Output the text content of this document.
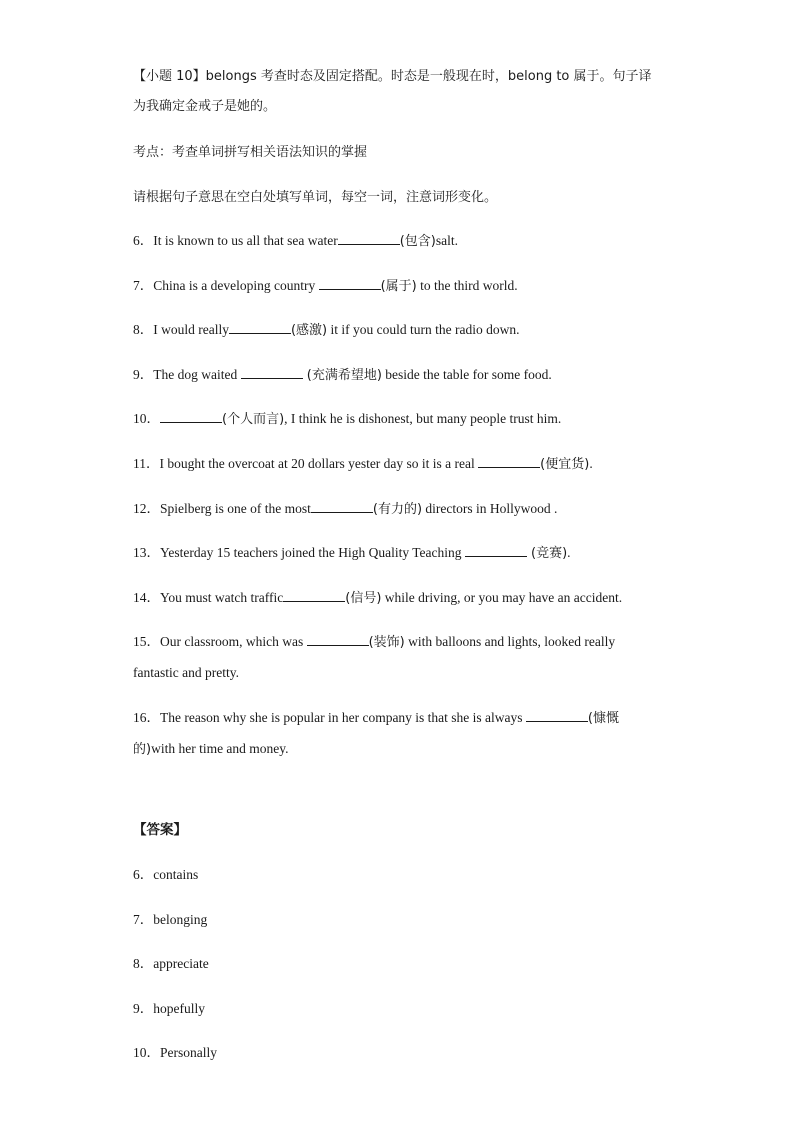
【小题 10】belongs 考查时态及固定搭配。时态是一般现在时，belong to 属于。句子译
为我确定金戒子是她的。
考点：考查单词拼写相关语法知识的掌握
请根据句子意思在空白处填写单词，每空一词，注意词形变化。
6．It is known to us all that sea water	(包含)salt.
7．China is a developing country	(属于) to the third world.
8．I would really	(感激) it if you could turn the radio down.
9．The dog waited	(充满希望地) beside the table for some food.
10．	(个人而言), I think he is dishonest, but many people trust him.
11．I bought the overcoat at 20 dollars yester day so it is a real	(便宜货).
12．Spielberg is one of the most	(有力的) directors in Hollywood .
13．Yesterday 15 teachers joined the High Quality Teaching	(竞赛).
14．You must watch traffic	(信号) while driving, or you may have an accident.
15．Our classroom, which was	(装饰) with balloons and lights, looked really
fantastic and pretty.
16．The reason why she is popular in her company is that she is always	(慷慨
的)with her time and money.
【答案】
6．contains
7．belonging
8．appreciate
9．hopefully
10．Personally
